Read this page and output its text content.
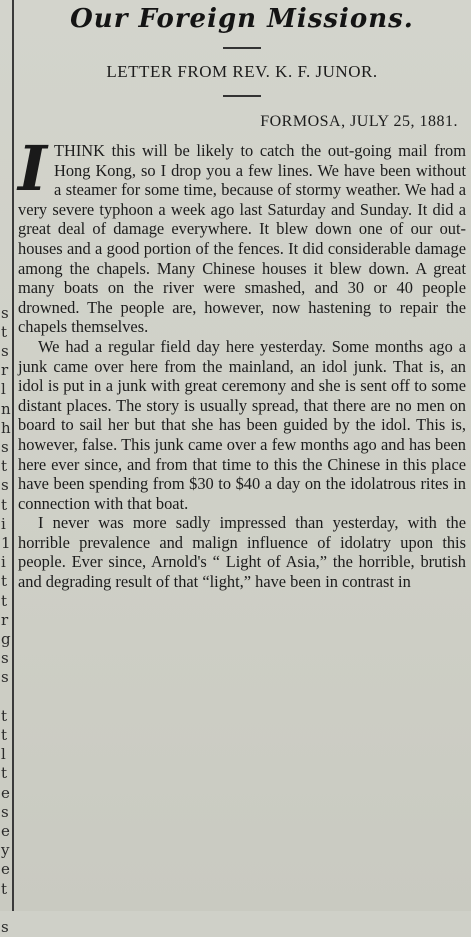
s
t
s
r
l
n
h
s
t
s
t
i
1
i
t
t
r
g
s
s
t
t
l
t
e
s
e
y
e
t
s
Our Foreign Missions.
LETTER FROM REV. K. F. JUNOR.
FORMOSA, JULY 25, 1881.

ITHINK this will be likely to catch the out-going mail from Hong Kong, so I drop you a few lines. We have been without a steamer for some time, because of stormy weather. We had a very severe typhoon a week ago last Saturday and Sunday. It did a great deal of damage everywhere. It blew down one of our out-houses and a good portion of the fences. It did considerable damage among the chapels. Many Chinese houses it blew down. A great many boats on the river were smashed, and 30 or 40 people drowned. The people are, however, now hastening to repair the chapels themselves.

We had a regular field day here yesterday. Some months ago a junk came over here from the mainland, an idol junk. That is, an idol is put in a junk with great ceremony and she is sent off to some distant places. The story is usually spread, that there are no men on board to sail her but that she has been guided by the idol. This is, however, false. This junk came over a few months ago and has been here ever since, and from that time to this the Chinese in this place have been spending from $30 to $40 a day on the idolatrous rites in connection with that boat.

I never was more sadly impressed than yesterday, with the horrible prevalence and malign influence of idolatry upon this people. Ever since, Arnold's “ Light of Asia,” the horrible, brutish and degrading result of that “light,” have been in contrast in
